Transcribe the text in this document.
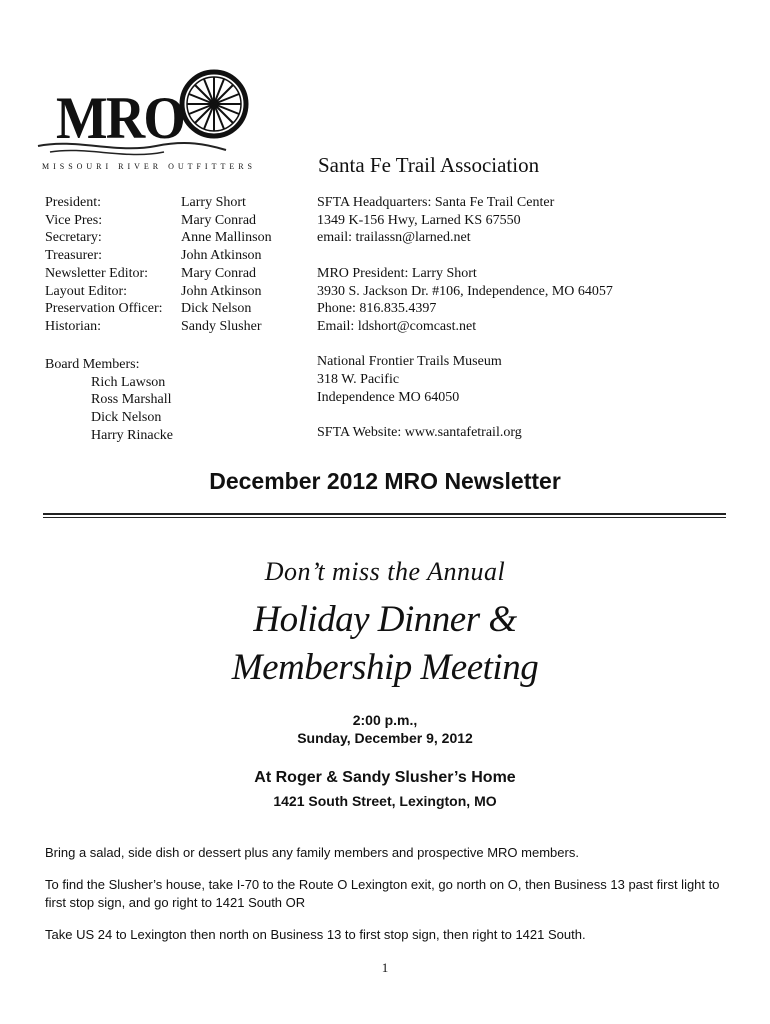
MRO
MISSOURI RIVER OUTFITTERS	Santa Fe Trail Association
President:	Larry Short
Vice Pres:	Mary Conrad
Secretary:	Anne Mallinson
Treasurer:	John Atkinson
Newsletter Editor:	Mary Conrad
Layout Editor:	John Atkinson
Preservation Officer:	Dick Nelson
Historian:	Sandy Slusher
Board Members:
Rich Lawson
Ross Marshall
Dick Nelson
Harry Rinacke
SFTA Headquarters: Santa Fe Trail Center
1349 K-156 Hwy, Larned KS 67550
email: trailassn@larned.net
MRO President: Larry Short
3930 S. Jackson Dr. #106, Independence, MO 64057
Phone: 816.835.4397
Email: ldshort@comcast.net
National Frontier Trails Museum
318 W. Pacific
Independence MO 64050
SFTA Website: www.santafetrail.org
December 2012 MRO Newsletter
Don’t miss the Annual
Holiday Dinner &
Membership Meeting
2:00 p.m.,
Sunday, December 9, 2012
At Roger & Sandy Slusher’s Home
1421 South Street, Lexington, MO
Bring a salad, side dish or dessert plus any family members and prospective MRO members.
To find the Slusher’s house, take I-70 to the Route O Lexington exit, go north on O, then Business 13 past first light to first stop sign, and go right to 1421 South OR
Take US 24 to Lexington then north on Business 13 to first stop sign, then right to 1421 South.
1
